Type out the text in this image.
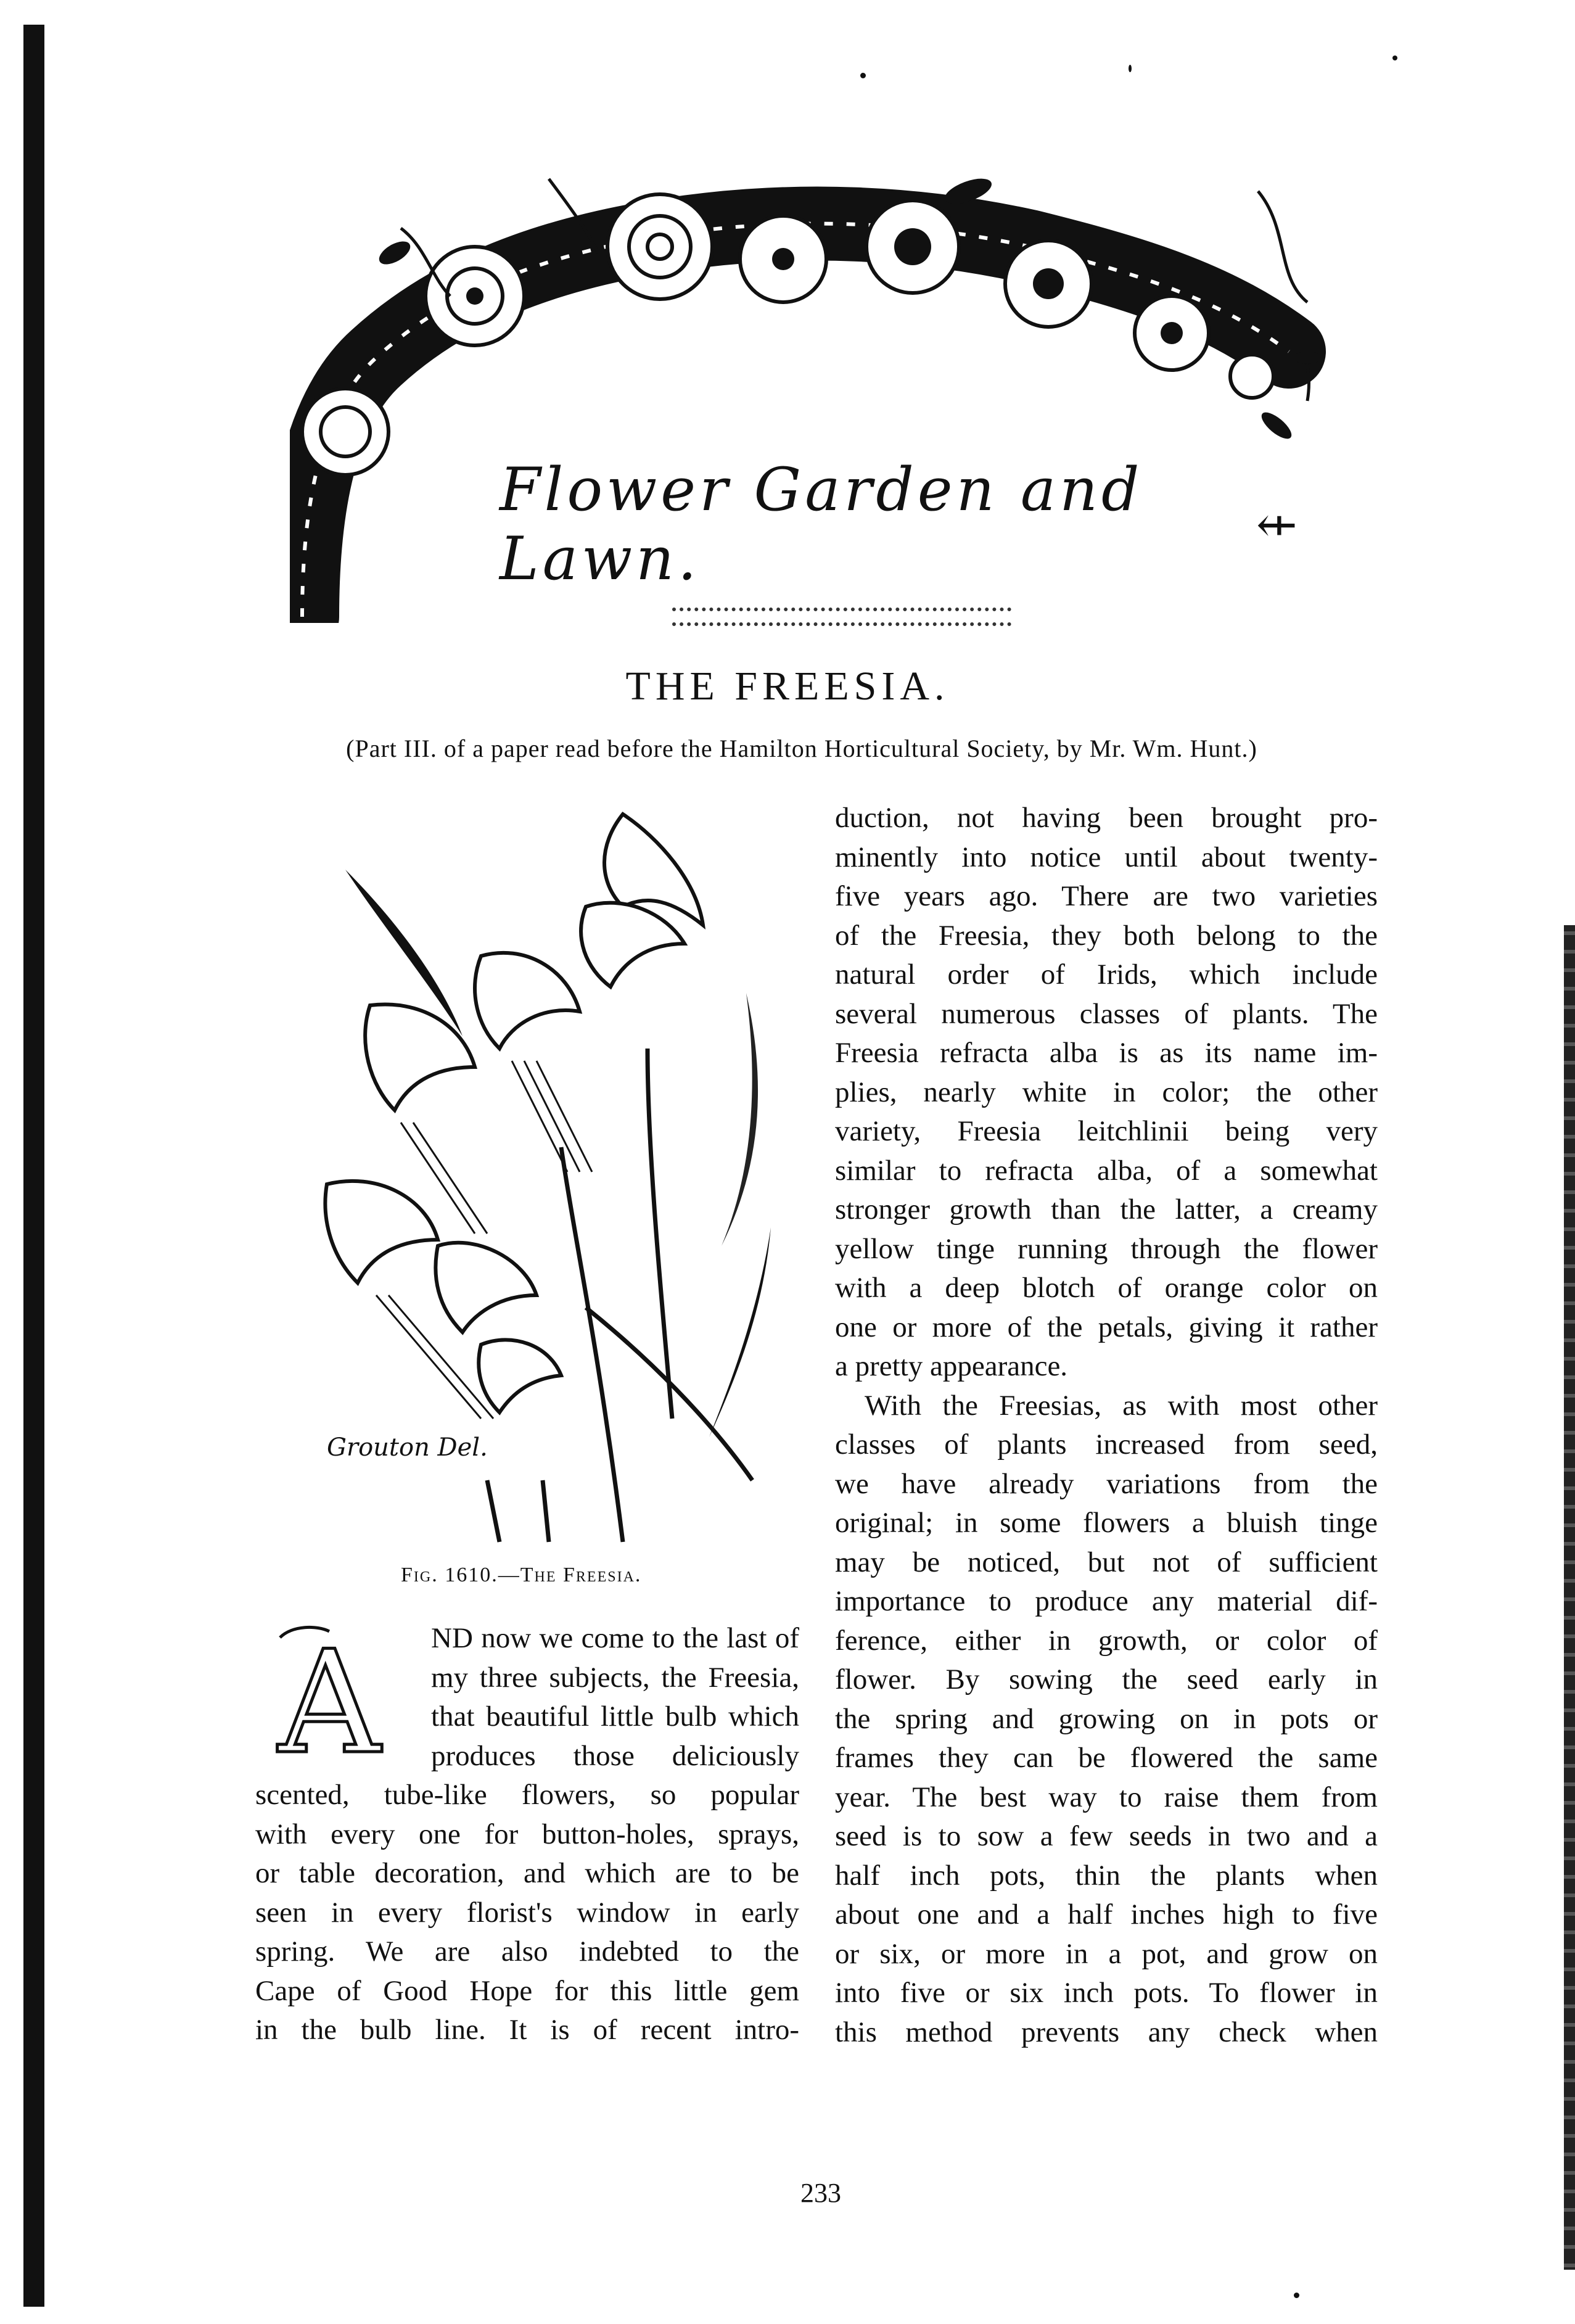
Flower Garden and Lawn.	⇷
THE FREESIA.
(Part III. of a paper read before the Hamilton Horticultural Society, by Mr. Wm. Hunt.)
Grouton Del.
Fig. 1610.—The Freesia.
A	ND now we come to the last of
my three subjects, the Freesia,
that beautiful little bulb which
produces those deliciously
scented, tube-like flowers, so popular
with every one for button-holes, sprays,
or table decoration, and which are to be
seen in every florist's window in early
spring. We are also indebted to the
Cape of Good Hope for this little gem
in the bulb line. It is of recent intro-
duction, not having been brought pro-
minently into notice until about twenty-
five years ago. There are two varieties
of the Freesia, they both belong to the
natural order of Irids, which include
several numerous classes of plants. The
Freesia refracta alba is as its name im-
plies, nearly white in color; the other
variety, Freesia leitchlinii being very
similar to refracta alba, of a somewhat
stronger growth than the latter, a creamy
yellow tinge running through the flower
with a deep blotch of orange color on
one or more of the petals, giving it rather
a pretty appearance.
With the Freesias, as with most other
classes of plants increased from seed,
we have already variations from the
original; in some flowers a bluish tinge
may be noticed, but not of sufficient
importance to produce any material dif-
ference, either in growth, or color of
flower. By sowing the seed early in
the spring and growing on in pots or
frames they can be flowered the same
year. The best way to raise them from
seed is to sow a few seeds in two and a
half inch pots, thin the plants when
about one and a half inches high to five
or six, or more in a pot, and grow on
into five or six inch pots. To flower in
this method prevents any check when
233
